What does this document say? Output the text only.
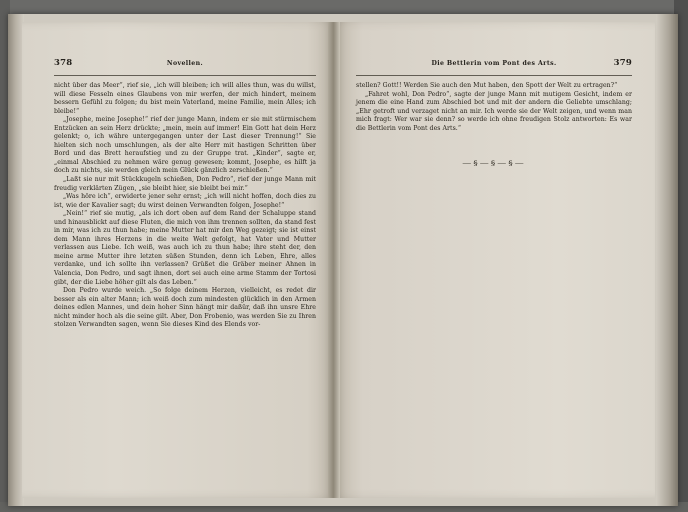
378	Novellen.

nicht über das Meer“, rief sie, „ich will bleiben; ich will alles thun, was du willst, will diese Fesseln eines Glaubens von mir werfen, der mich hindert, meinem bessern Gefühl zu folgen; du bist mein Vaterland, meine Familie, mein Alles; ich bleibe!“

„Josephe, meine Josephe!“ rief der junge Mann, indem er sie mit stürmischem Entzücken an sein Herz drückte; „mein, mein auf immer! Ein Gott hat dein Herz gelenkt; o, ich währe untergegangen unter der Last dieser Trennung!“ Sie hielten sich noch umschlungen, als der alte Herr mit hastigen Schritten über Bord und das Brett heraufstieg und zu der Gruppe trat. „Kinder“, sagte er, „einmal Abschied zu nehmen wäre genug gewesen; kommt, Josephe, es hilft ja doch zu nichts, sie werden gleich mein Glück gänzlich zerschießen.“

„Laßt sie nur mit Stückkugeln schießen, Don Pedro“, rief der junge Mann mit freudig verklärten Zügen, „sie bleibt hier, sie bleibt bei mir.“

„Was höre ich“, erwiderte jener sehr ernst; „ich will nicht hoffen, doch dies zu ist, wie der Kavalier sagt; du wirst deinen Verwandten folgen, Josephe!“

„Nein!“ rief sie mutig, „als ich dort oben auf dem Rand der Schaluppe stand und hinausblickt auf diese Fluten, die mich von ihm trennen sollten, da stand fest in mir, was ich zu thun habe; meine Mutter hat mir den Weg gezeigt; sie ist einst dem Mann ihres Herzens in die weite Welt gefolgt, hat Vater und Mutter verlassen aus Liebe. Ich weiß, was auch ich zu thun habe; ihre steht der, den meine arme Mutter ihre letzten süßen Stunden, denn ich Leben, Ehre, alles verdanke, und ich sollte ihn verlassen? Grüßet die Gräber meiner Ahnen in Valencia, Don Pedro, und sagt ihnen, dort sei auch eine arme Stamm der Tortosi gibt, der die Liebe höher gilt als das Leben.“

Don Pedro wurde weich. „So folge deinem Herzen, vielleicht, es redet dir besser als ein alter Mann; ich weiß doch zum mindesten glücklich in den Armen deines edlen Mannes, und dein hoher Sinn hängt mir daßür, daß ihn unsre Ehre nicht minder hoch als die seine gilt. Aber, Don Frobenio, was werden Sie zu Ihren stolzen Verwandten sagen, wenn Sie dieses Kind des Elends vor-

Die Bettlerin vom Pont des Arts.	379

stellen? Gott!! Werden Sie auch den Mut haben, den Spott der Welt zu ertragen?“

„Fahret wohl, Don Pedro“, sagte der junge Mann mit mutigem Gesicht, indem er jenem die eine Hand zum Abschied bot und mit der andern die Geliebte umschlang; „Ehr getroft und verzaget nicht an mir. Ich werde sie der Welt zeigen, und wenn man mich fragt: Wer war sie denn? so werde ich ohne freudigen Stolz antworten: Es war die Bettlerin vom Pont des Arts.“

—§—§—§—
